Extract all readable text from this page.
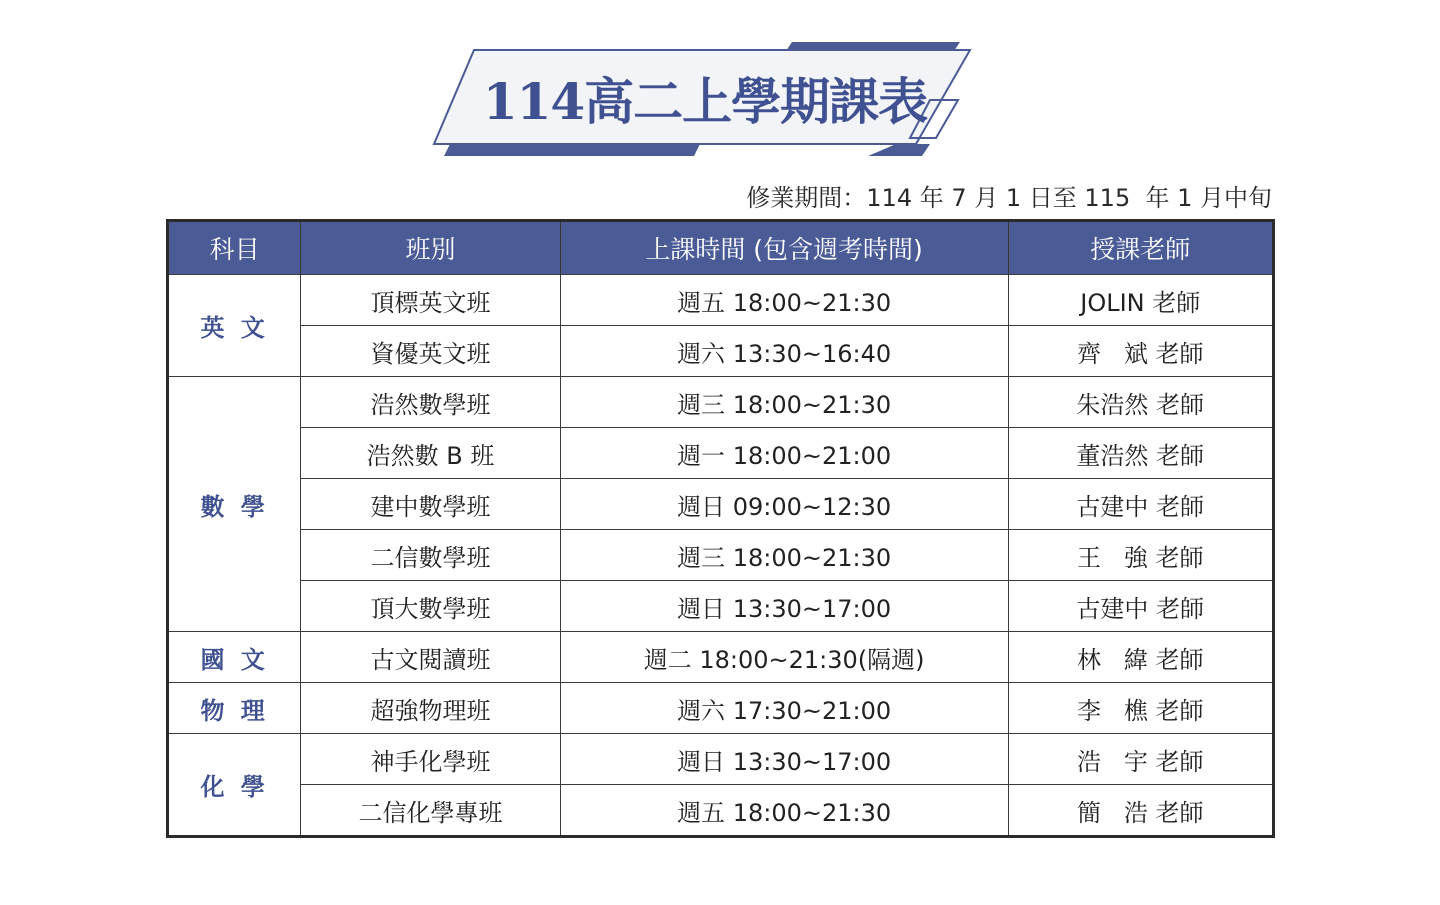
114高二上學期課表
修業期間：114 年 7 月 1 日至 115  年 1 月中旬
科目	班別	上課時間 (包含週考時間)	授課老師
英 文	頂標英文班	週五 18:00~21:30	JOLIN 老師
	資優英文班	週六 13:30~16:40	齊   斌 老師
數 學	浩然數學班	週三 18:00~21:30	朱浩然 老師
	浩然數 B 班	週一 18:00~21:00	董浩然 老師
	建中數學班	週日 09:00~12:30	古建中 老師
	二信數學班	週三 18:00~21:30	王   強 老師
	頂大數學班	週日 13:30~17:00	古建中 老師
國 文	古文閱讀班	週二 18:00~21:30(隔週)	林   緯 老師
物 理	超強物理班	週六 17:30~21:00	李   樵 老師
化 學	神手化學班	週日 13:30~17:00	浩   宇 老師
	二信化學專班	週五 18:00~21:30	簡   浩 老師
